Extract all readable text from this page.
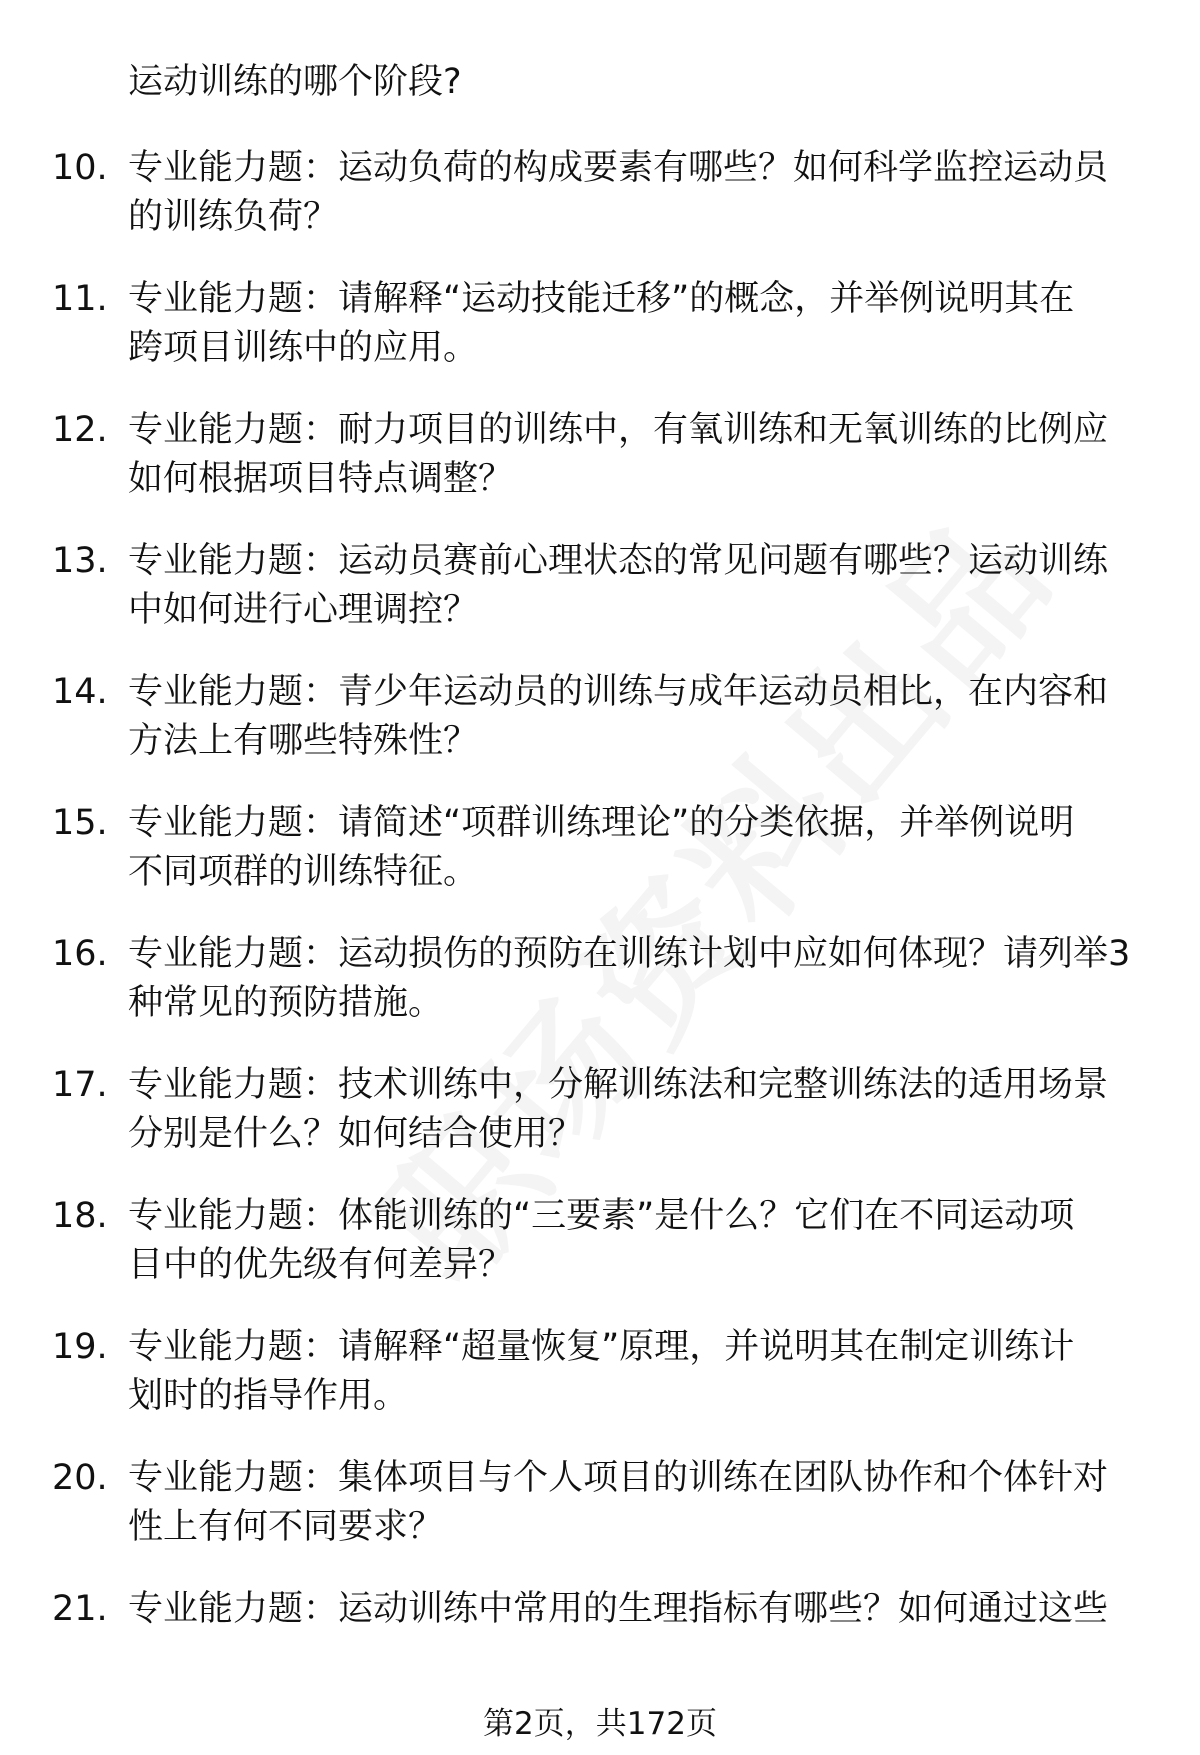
运动训练的哪个阶段?
10. 专业能力题：运动负荷的构成要素有哪些？如何科学监控运动员
的训练负荷？
11. 专业能力题：请解释“运动技能迁移”的概念，并举例说明其在
跨项目训练中的应用。
12. 专业能力题：耐力项目的训练中，有氧训练和无氧训练的比例应
如何根据项目特点调整？
13. 专业能力题：运动员赛前心理状态的常见问题有哪些？运动训练
中如何进行心理调控？
14. 专业能力题：青少年运动员的训练与成年运动员相比，在内容和
方法上有哪些特殊性？
15. 专业能力题：请简述“项群训练理论”的分类依据，并举例说明
不同项群的训练特征。
16. 专业能力题：运动损伤的预防在训练计划中应如何体现？请列举3
种常见的预防措施。
17. 专业能力题：技术训练中，分解训练法和完整训练法的适用场景
分别是什么？如何结合使用？
18. 专业能力题：体能训练的“三要素”是什么？它们在不同运动项
目中的优先级有何差异？
19. 专业能力题：请解释“超量恢复”原理，并说明其在制定训练计
划时的指导作用。
20. 专业能力题：集体项目与个人项目的训练在团队协作和个体针对
性上有何不同要求？
21. 专业能力题：运动训练中常用的生理指标有哪些？如何通过这些
第2页，共172页
